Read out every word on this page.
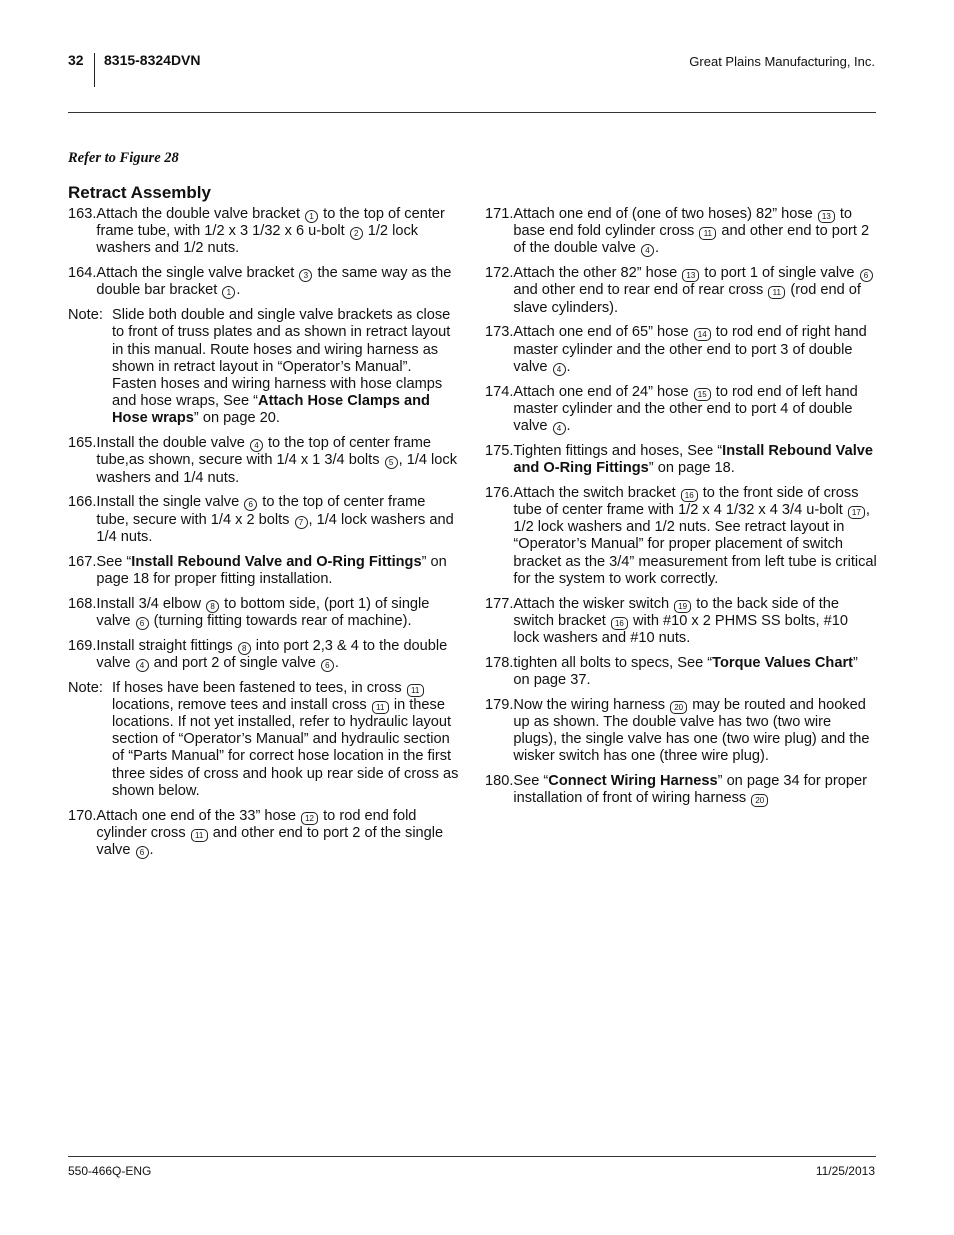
32 8315-8324DVN	Great Plains Manufacturing, Inc.
Refer to Figure 28
Retract Assembly
163. Attach the double valve bracket 1 to the top of center frame tube, with 1/2 x 3 1/32 x 6 u-bolt 2 1/2 lock washers and 1/2 nuts.
164. Attach the single valve bracket 3 the same way as the double bar bracket 1 .
Note: Slide both double and single valve brackets as close to front of truss plates and as shown in retract layout in this manual. Route hoses and wiring harness as shown in retract layout in “Operator’s Manual”. Fasten hoses and wiring harness with hose clamps and hose wraps, See “Attach Hose Clamps and Hose wraps” on page 20.
165. Install the double valve 4 to the top of center frame tube,as shown, secure with 1/4 x 1 3/4 bolts 5 , 1/4 lock washers and 1/4 nuts.
166. Install the single valve 6 to the top of center frame tube, secure with 1/4 x 2 bolts 7 , 1/4 lock washers and 1/4 nuts.
167. See “Install Rebound Valve and O-Ring Fittings” on page 18 for proper fitting installation.
168. Install 3/4 elbow 8 to bottom side, (port 1) of single valve 6 (turning fitting towards rear of machine).
169. Install straight fittings 8 into port 2,3 & 4 to the double valve 4 and port 2 of single valve 6 .
Note: If hoses have been fastened to tees, in cross 11 locations, remove tees and install cross 11 in these locations. If not yet installed, refer to hydraulic layout section of “Operator’s Manual” and hydraulic section of “Parts Manual” for correct hose location in the first three sides of cross and hook up rear side of cross as shown below.
170. Attach one end of the 33” hose 12 to rod end fold cylinder cross 11 and other end to port 2 of the single valve 6 .
171. Attach one end of (one of two hoses) 82” hose 13 to base end fold cylinder cross 11 and other end to port 2 of the double valve 4 .
172. Attach the other 82” hose 13 to port 1 of single valve 6 and other end to rear end of rear cross 11 (rod end of slave cylinders).
173. Attach one end of 65” hose 14 to rod end of right hand master cylinder and the other end to port 3 of double valve 4 .
174. Attach one end of 24” hose 15 to rod end of left hand master cylinder and the other end to port 4 of double valve 4 .
175. Tighten fittings and hoses, See “Install Rebound Valve and O-Ring Fittings” on page 18.
176. Attach the switch bracket 16 to the front side of cross tube of center frame with 1/2 x 4 1/32 x 4 3/4 u-bolt 17 , 1/2 lock washers and 1/2 nuts. See retract layout in “Operator’s Manual” for proper placement of switch bracket as the 3/4” measurement from left tube is critical for the system to work correctly.
177. Attach the wisker switch 19 to the back side of the switch bracket 16 with #10 x 2 PHMS SS bolts, #10 lock washers and #10 nuts.
178. tighten all bolts to specs, See “Torque Values Chart” on page 37.
179. Now the wiring harness 20 may be routed and hooked up as shown. The double valve has two (two wire plugs), the single valve has one (two wire plug) and the wisker switch has one (three wire plug).
180. See “Connect Wiring Harness” on page 34 for proper installation of front of wiring harness 20
550-466Q-ENG	11/25/2013
